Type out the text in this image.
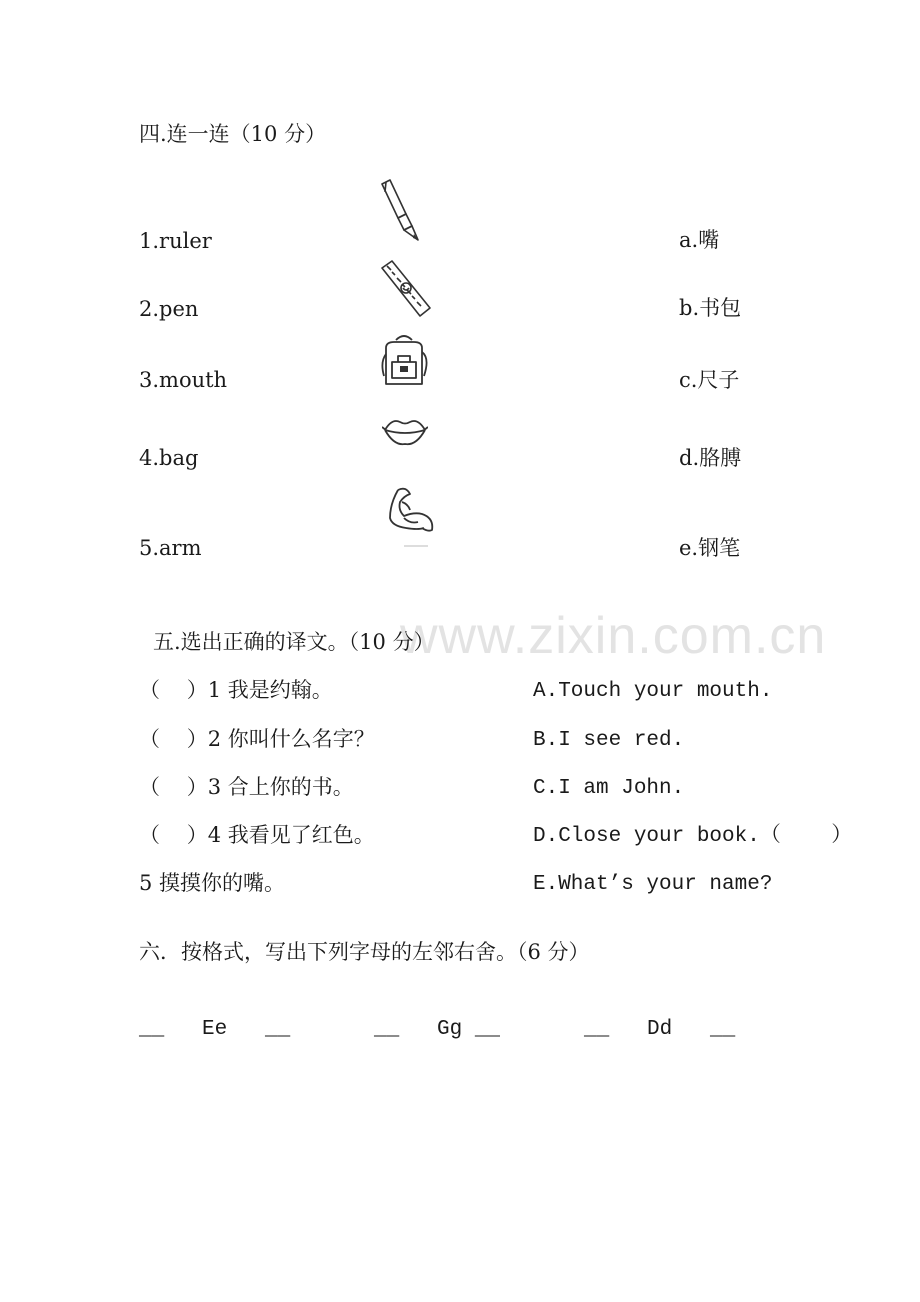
四.连一连（10 分）
1.ruler
2.pen
3.mouth
4.bag
5.arm
a.嘴
b.书包
c.尺子
d.胳膊
e.钢笔
www.zixin.com.cn
五.选出正确的译文。（10 分）
（    ）1 我是约翰。
（    ）2 你叫什么名字？
（    ）3 合上你的书。
（    ）4 我看见了红色。
5 摸摸你的嘴。
A.Touch your mouth.
B.I see red.
C.I am John.
D.Close your book.（    ）
E.What’s your name?
六．按格式，写出下列字母的左邻右舍。（6 分）
__   Ee   __	__   Gg __	__   Dd   __
